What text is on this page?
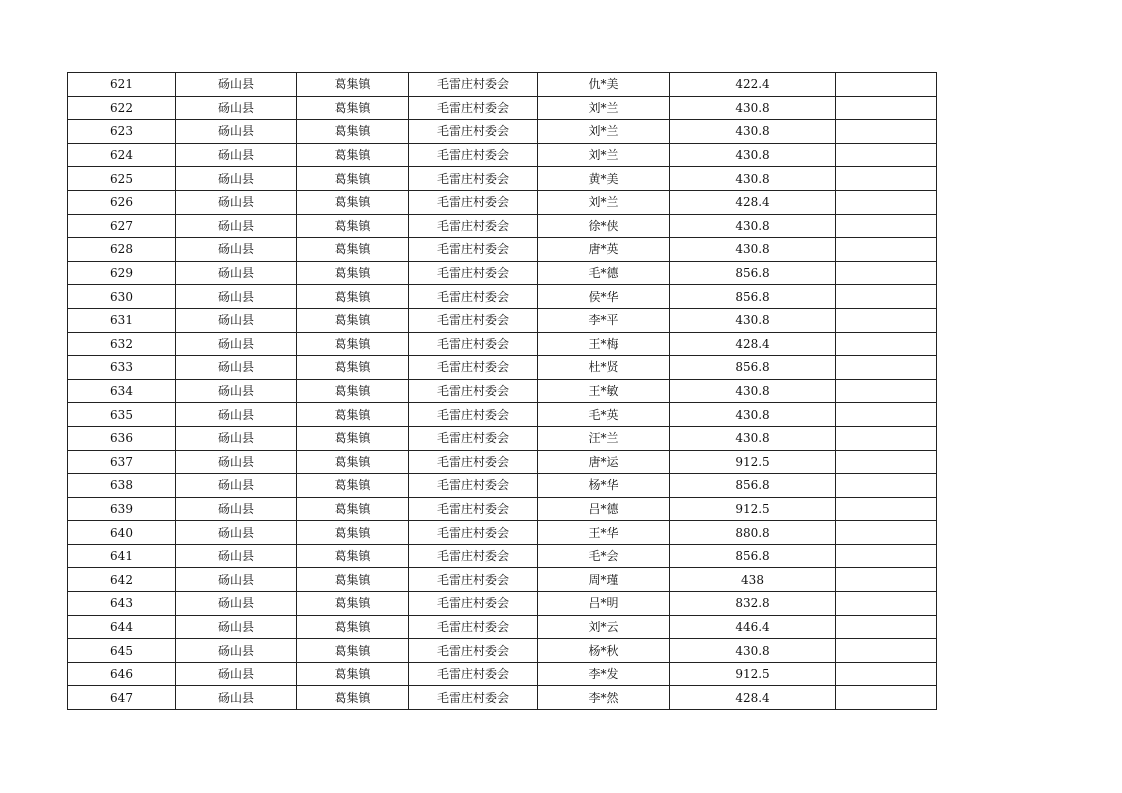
621	砀山县	葛集镇	毛雷庄村委会	仇*美	422.4	
622	砀山县	葛集镇	毛雷庄村委会	刘*兰	430.8	
623	砀山县	葛集镇	毛雷庄村委会	刘*兰	430.8	
624	砀山县	葛集镇	毛雷庄村委会	刘*兰	430.8	
625	砀山县	葛集镇	毛雷庄村委会	黄*美	430.8	
626	砀山县	葛集镇	毛雷庄村委会	刘*兰	428.4	
627	砀山县	葛集镇	毛雷庄村委会	徐*侠	430.8	
628	砀山县	葛集镇	毛雷庄村委会	唐*英	430.8	
629	砀山县	葛集镇	毛雷庄村委会	毛*德	856.8	
630	砀山县	葛集镇	毛雷庄村委会	侯*华	856.8	
631	砀山县	葛集镇	毛雷庄村委会	李*平	430.8	
632	砀山县	葛集镇	毛雷庄村委会	王*梅	428.4	
633	砀山县	葛集镇	毛雷庄村委会	杜*贤	856.8	
634	砀山县	葛集镇	毛雷庄村委会	王*敏	430.8	
635	砀山县	葛集镇	毛雷庄村委会	毛*英	430.8	
636	砀山县	葛集镇	毛雷庄村委会	汪*兰	430.8	
637	砀山县	葛集镇	毛雷庄村委会	唐*运	912.5	
638	砀山县	葛集镇	毛雷庄村委会	杨*华	856.8	
639	砀山县	葛集镇	毛雷庄村委会	吕*德	912.5	
640	砀山县	葛集镇	毛雷庄村委会	王*华	880.8	
641	砀山县	葛集镇	毛雷庄村委会	毛*会	856.8	
642	砀山县	葛集镇	毛雷庄村委会	周*瑾	438	
643	砀山县	葛集镇	毛雷庄村委会	吕*明	832.8	
644	砀山县	葛集镇	毛雷庄村委会	刘*云	446.4	
645	砀山县	葛集镇	毛雷庄村委会	杨*秋	430.8	
646	砀山县	葛集镇	毛雷庄村委会	李*发	912.5	
647	砀山县	葛集镇	毛雷庄村委会	李*然	428.4	
